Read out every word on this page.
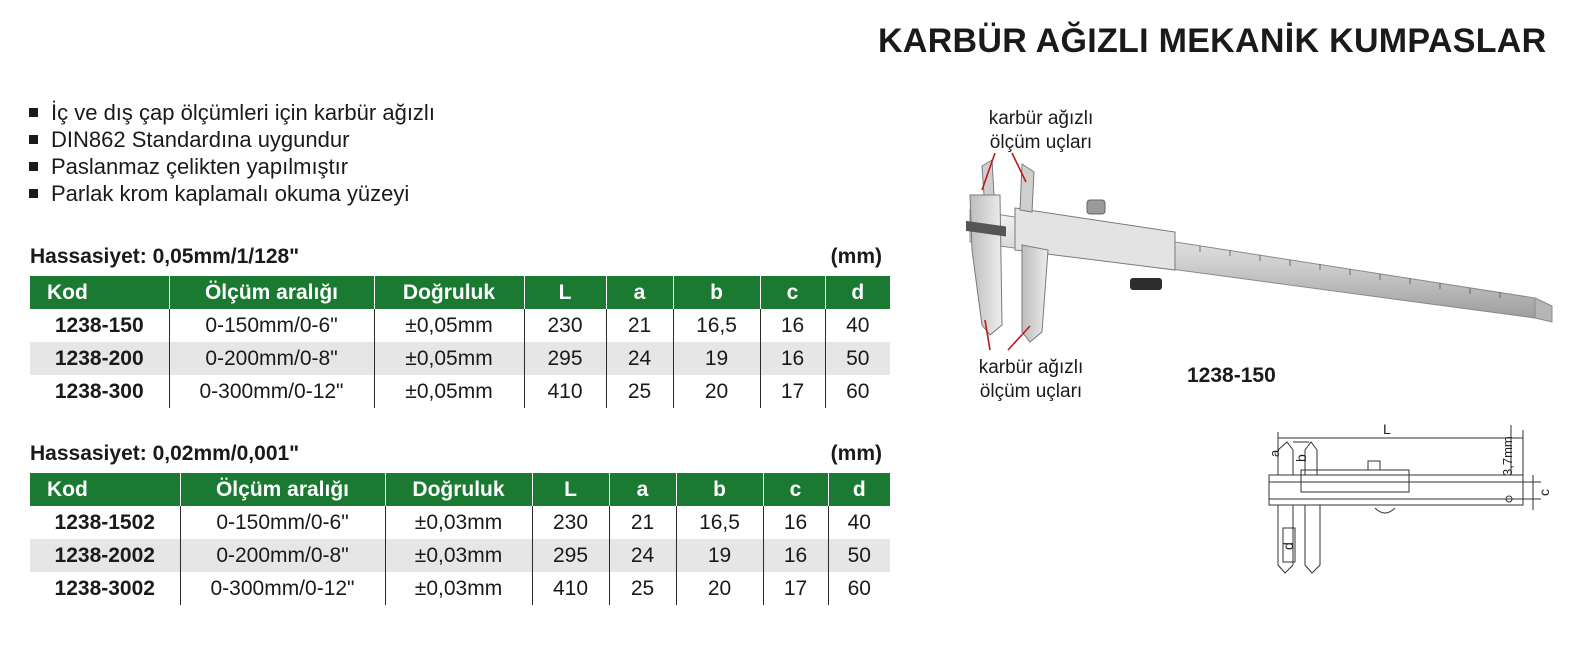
KARBÜR AĞIZLI MEKANİK KUMPASLAR
İç ve dış çap ölçümleri için karbür ağızlı
DIN862 Standardına uygundur
Paslanmaz çelikten yapılmıştır
Parlak krom kaplamalı okuma yüzeyi
Hassasiyet: 0,05mm/1/128"	(mm)
Kod	Ölçüm aralığı	Doğruluk	L	a	b	c	d
1238-150	0-150mm/0-6"	±0,05mm	230	21	16,5	16	40
1238-200	0-200mm/0-8"	±0,05mm	295	24	19	16	50
1238-300	0-300mm/0-12"	±0,05mm	410	25	20	17	60
Hassasiyet: 0,02mm/0,001"	(mm)
Kod	Ölçüm aralığı	Doğruluk	L	a	b	c	d
1238-1502	0-150mm/0-6"	±0,03mm	230	21	16,5	16	40
1238-2002	0-200mm/0-8"	±0,03mm	295	24	19	16	50
1238-3002	0-300mm/0-12"	±0,03mm	410	25	20	17	60
karbür ağızlı
ölçüm uçları
karbür ağızlı
ölçüm uçları
1238-150
L
a
b
d
3,7mm
c
